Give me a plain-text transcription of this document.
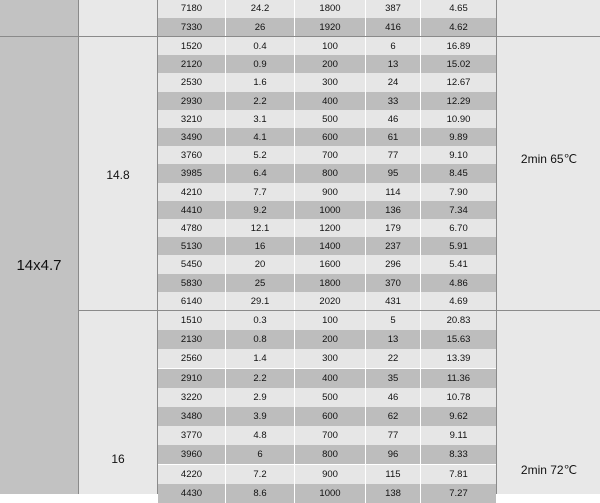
14x4.7
14.8
16
2min 65℃
2min 72℃
7180	24.2	1800	387	4.65
7330	26	1920	416	4.62
1520	0.4	100	6	16.89
2120	0.9	200	13	15.02
2530	1.6	300	24	12.67
2930	2.2	400	33	12.29
3210	3.1	500	46	10.90
3490	4.1	600	61	9.89
3760	5.2	700	77	9.10
3985	6.4	800	95	8.45
4210	7.7	900	114	7.90
4410	9.2	1000	136	7.34
4780	12.1	1200	179	6.70
5130	16	1400	237	5.91
5450	20	1600	296	5.41
5830	25	1800	370	4.86
6140	29.1	2020	431	4.69
1510	0.3	100	5	20.83
2130	0.8	200	13	15.63
2560	1.4	300	22	13.39
2910	2.2	400	35	11.36
3220	2.9	500	46	10.78
3480	3.9	600	62	9.62
3770	4.8	700	77	9.11
3960	6	800	96	8.33
4220	7.2	900	115	7.81
4430	8.6	1000	138	7.27
